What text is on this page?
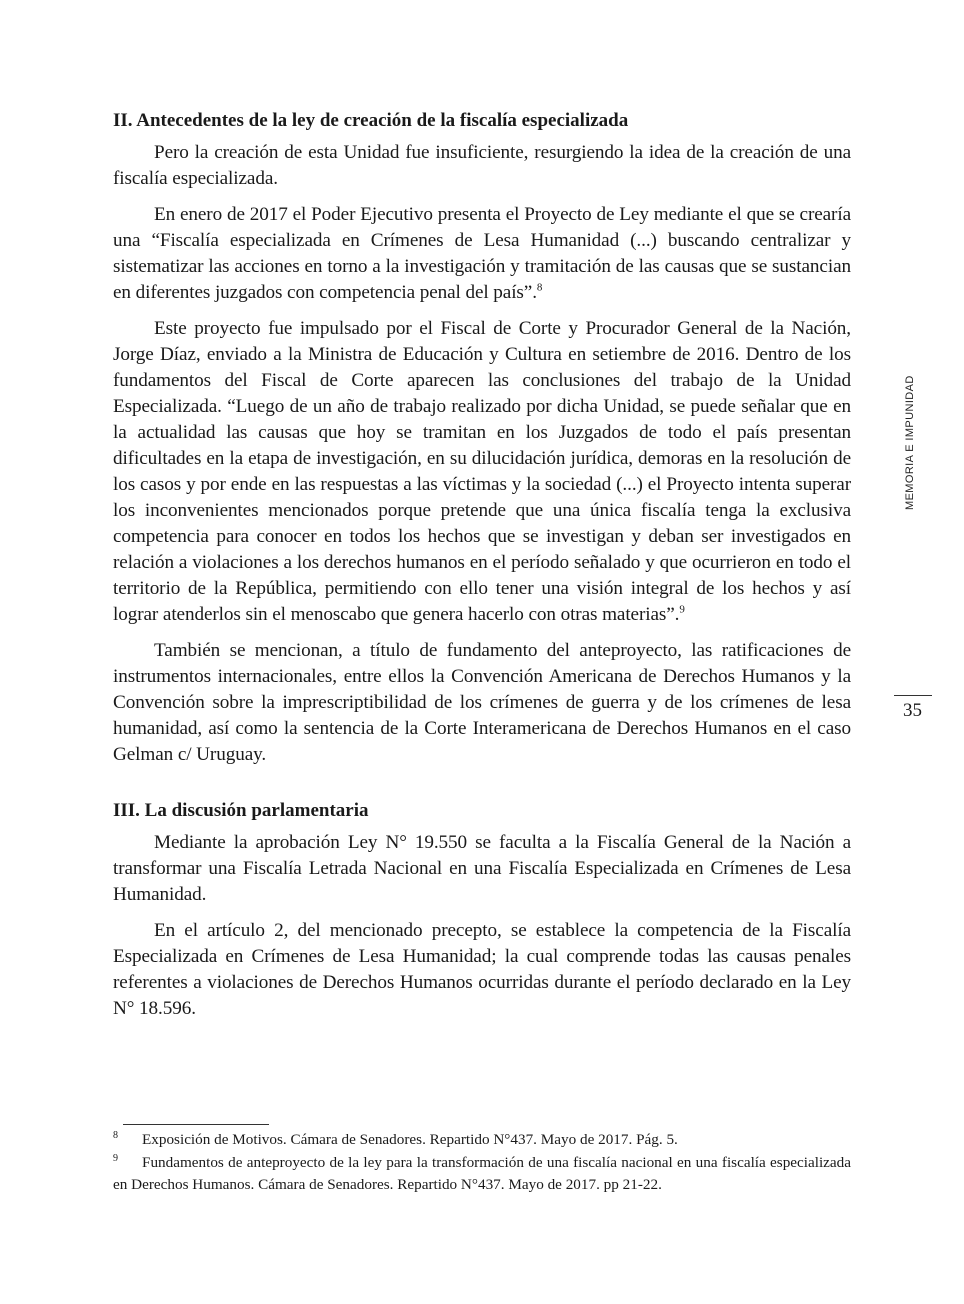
II. Antecedentes de la ley de creación de la fiscalía especializada

Pero la creación de esta Unidad fue insuficiente, resurgiendo la idea de la creación de una fiscalía especializada.

En enero de 2017 el Poder Ejecutivo presenta el Proyecto de Ley mediante el que se crearía una “Fiscalía especializada en Crímenes de Lesa Humanidad (...) buscando centralizar y sistematizar las acciones en torno a la investigación y tramitación de las causas que se sustancian en diferentes juzgados con competencia penal del país”.$^8$

Este proyecto fue impulsado por el Fiscal de Corte y Procurador General de la Nación, Jorge Díaz, enviado a la Ministra de Educación y Cultura en setiembre de 2016. Dentro de los fundamentos del Fiscal de Corte aparecen las conclusiones del trabajo de la Unidad Especializada. “Luego de un año de trabajo realizado por dicha Unidad, se puede señalar que en la actualidad las causas que hoy se tramitan en los Juzgados de todo el país presentan dificultades en la etapa de investigación, en su dilucidación jurídica, demoras en la resolución de los casos y por ende en las respuestas a las víctimas y la sociedad (...) el Proyecto intenta superar los inconvenientes mencionados porque pretende que una única fiscalía tenga la exclusiva competencia para conocer en todos los hechos que se investigan y deban ser investigados en relación a violaciones a los derechos humanos en el período señalado y que ocurrieron en todo el territorio de la República, permitiendo con ello tener una visión integral de los hechos y así lograr atenderlos sin el menoscabo que genera hacerlo con otras materias”.$^9$

También se mencionan, a título de fundamento del anteproyecto, las ratificaciones de instrumentos internacionales, entre ellos la Convención Americana de Derechos Humanos y la Convención sobre la imprescriptibilidad de los crímenes de guerra y de los crímenes de lesa humanidad, así como la sentencia de la Corte Interamericana de Derechos Humanos en el caso Gelman c/ Uruguay.

III. La discusión parlamentaria

Mediante la aprobación Ley N° 19.550 se faculta a la Fiscalía General de la Nación a transformar una Fiscalía Letrada Nacional en una Fiscalía Especializada en Crímenes de Lesa Humanidad.

En el artículo 2, del mencionado precepto, se establece la competencia de la Fiscalía Especializada en Crímenes de Lesa Humanidad; la cual comprende todas las causas penales referentes a violaciones de Derechos Humanos ocurridas durante el período declarado en la Ley N° 18.596.

MEMORIA E IMPUNIDAD
35
8 Exposición de Motivos. Cámara de Senadores. Repartido N°437. Mayo de 2017. Pág. 5.
9 Fundamentos de anteproyecto de la ley para la transformación de una fiscalía nacional en una fiscalía especializada en Derechos Humanos. Cámara de Senadores. Repartido N°437. Mayo de 2017. pp 21-22.
